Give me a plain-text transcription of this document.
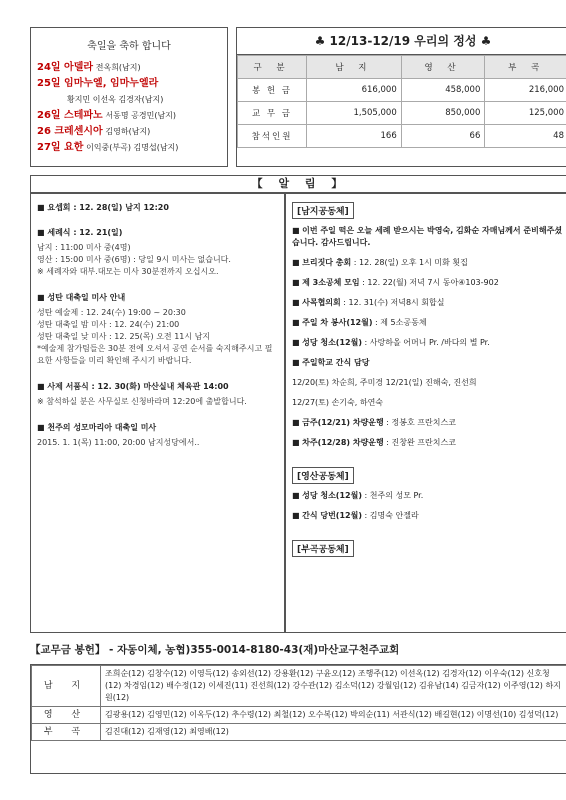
축일을 축하 합니다
24일 아델라 전옥희(남지)
25일 임마누엘, 임마누엘라
황지민 이선옥 김경자(남지)
26일 스테파노 서동명 공경민(남지)
26 크레센시아 김영하(남지)
27일 요한 이익중(부곡) 김명섭(남지)
♣ 12/13-12/19 우리의 정성 ♣
구 분	남 지	영 산	부 곡
봉 헌 금	616,000	458,000	216,000
교 무 금	1,505,000	850,000	125,000
참석인원	166	66	48
【 알 림 】
■ 요셉회 : 12. 28(일) 남지 12:20
■ 세례식 : 12. 21(일)
남지 : 11:00 미사 중(4명)
영산 : 15:00 미사 중(6명) : 당일 9시 미사는 없습니다.
※ 세례자와 대부.대모는 미사 30분전까지 오십시오.
■ 성탄 대축일 미사 안내
성탄 예술제 : 12. 24(수) 19:00 ~ 20:30
성탄 대축일 밤 미사 : 12. 24(수) 21:00
성탄 대축일 낮 미사 : 12. 25(목) 오전 11시 남지
*예술제 참가팀들은 30분 전에 오셔서 공연 순서를 숙지해주시고 필요한 사항들을 미리 확인해 주시기 바랍니다.
■ 사제 서품식 : 12. 30(화) 마산실내 체육관 14:00
※ 참석하실 분은 사무실로 신청바라며 12:20에 출발합니다.
■ 천주의 성모마리아 대축일 미사
2015. 1. 1(목) 11:00, 20:00 남지성당에서..
[남지공동체]
■ 이번 주일 떡은 오늘 세례 받으시는 박영숙, 김화순 자매님께서 준비해주셨습니다. 감사드립니다.
■ 브리짓다 총회 : 12. 28(일) 오후 1시 미화 횟집
■ 제 3소공체 모임 : 12. 22(월) 저녁 7시 동아④103-902
■ 사목협의회 : 12. 31(수) 저녁8시 회합실
■ 주일 차 봉사(12월) : 제 5소공동체
■ 성당 청소(12월) : 사랑하올 어머니 Pr. /바다의 별 Pr.
■ 주일학교 간식 담당
12/20(토) 차순희, 주미경 12/21(일) 진해숙, 진선희
12/27(토) 손기숙, 하연숙
■ 금주(12/21) 차량운행 : 정봉호 프란치스코
■ 차주(12/28) 차량운행 : 진창완 프란치스코
[영산공동체]
■ 성당 청소(12월) : 천주의 성모 Pr.
■ 간식 당번(12월) : 김명숙 안젤라
[부곡공동체]
【교무금 봉헌】 - 자동이체, 농협)355-0014-8180-43(재)마산교구천주교회
남 지	조희순(12) 김창수(12) 이영득(12) 송외선(12) 강용환(12) 구윤오(12) 조행주(12) 이선옥(12) 김경자(12) 이우숙(12) 신호청(12) 차경임(12) 배수정(12) 이세진(11) 진선희(12) 강수관(12) 김소덕(12) 강월임(12) 김유남(14) 김금자(12) 이주영(12) 하지원(12)
영 산	김광용(12) 김영민(12) 이옥두(12) 추수령(12) 최철(12) 오수복(12) 박의순(11) 서관식(12) 배길현(12) 이명선(10) 김성덕(12)
부 곡	김진대(12) 김재영(12) 최영배(12)
